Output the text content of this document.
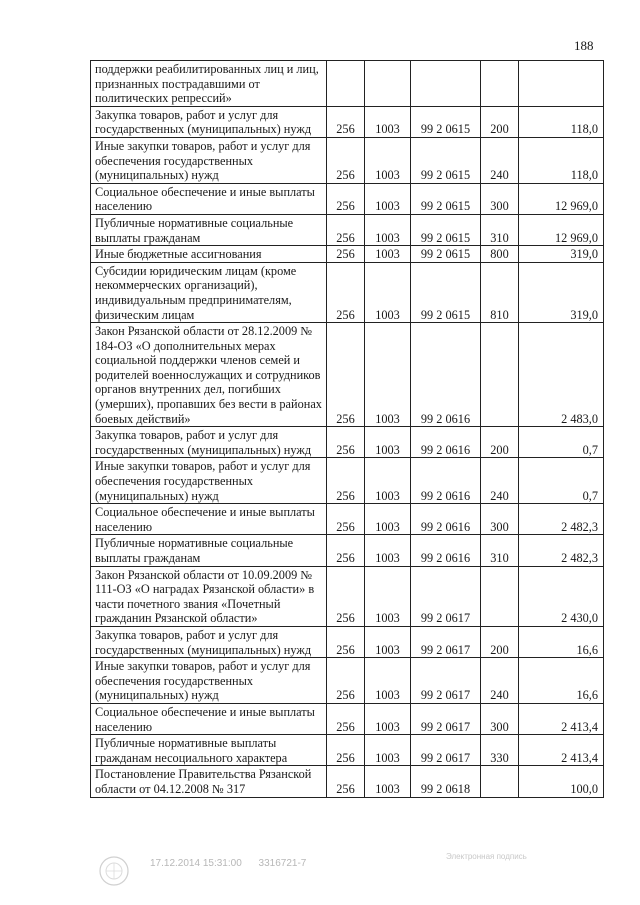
188
поддержки реабилитированных лиц и лиц, признанных пострадавшими от политических репрессий»					
Закупка товаров, работ и услуг для государственных (муниципальных) нужд	256	1003	99 2 0615	200	118,0
Иные закупки товаров, работ и услуг для обеспечения государственных (муниципальных) нужд	256	1003	99 2 0615	240	118,0
Социальное обеспечение и иные выплаты населению	256	1003	99 2 0615	300	12 969,0
Публичные нормативные социальные выплаты гражданам	256	1003	99 2 0615	310	12 969,0
Иные бюджетные ассигнования	256	1003	99 2 0615	800	319,0
Субсидии юридическим лицам (кроме некоммерческих организаций), индивидуальным предпринимателям, физическим лицам	256	1003	99 2 0615	810	319,0
Закон Рязанской области от 28.12.2009 № 184-ОЗ «О дополнительных мерах социальной поддержки членов семей и родителей военнослужащих и сотрудников органов внутренних дел, погибших (умерших), пропавших без вести в районах боевых действий»	256	1003	99 2 0616		2 483,0
Закупка товаров, работ и услуг для государственных (муниципальных) нужд	256	1003	99 2 0616	200	0,7
Иные закупки товаров, работ и услуг для обеспечения государственных (муниципальных) нужд	256	1003	99 2 0616	240	0,7
Социальное обеспечение и иные выплаты населению	256	1003	99 2 0616	300	2 482,3
Публичные нормативные социальные выплаты гражданам	256	1003	99 2 0616	310	2 482,3
Закон Рязанской области от 10.09.2009 № 111-ОЗ «О наградах Рязанской области» в части почетного звания «Почетный гражданин Рязанской области»	256	1003	99 2 0617		2 430,0
Закупка товаров, работ и услуг для государственных (муниципальных) нужд	256	1003	99 2 0617	200	16,6
Иные закупки товаров, работ и услуг для обеспечения государственных (муниципальных) нужд	256	1003	99 2 0617	240	16,6
Социальное обеспечение и иные выплаты населению	256	1003	99 2 0617	300	2 413,4
Публичные нормативные выплаты гражданам несоциального характера	256	1003	99 2 0617	330	2 413,4
Постановление Правительства Рязанской области от 04.12.2008 № 317	256	1003	99 2 0618		100,0
17.12.2014 15:31:00 3316721-7
Электронная подпись
